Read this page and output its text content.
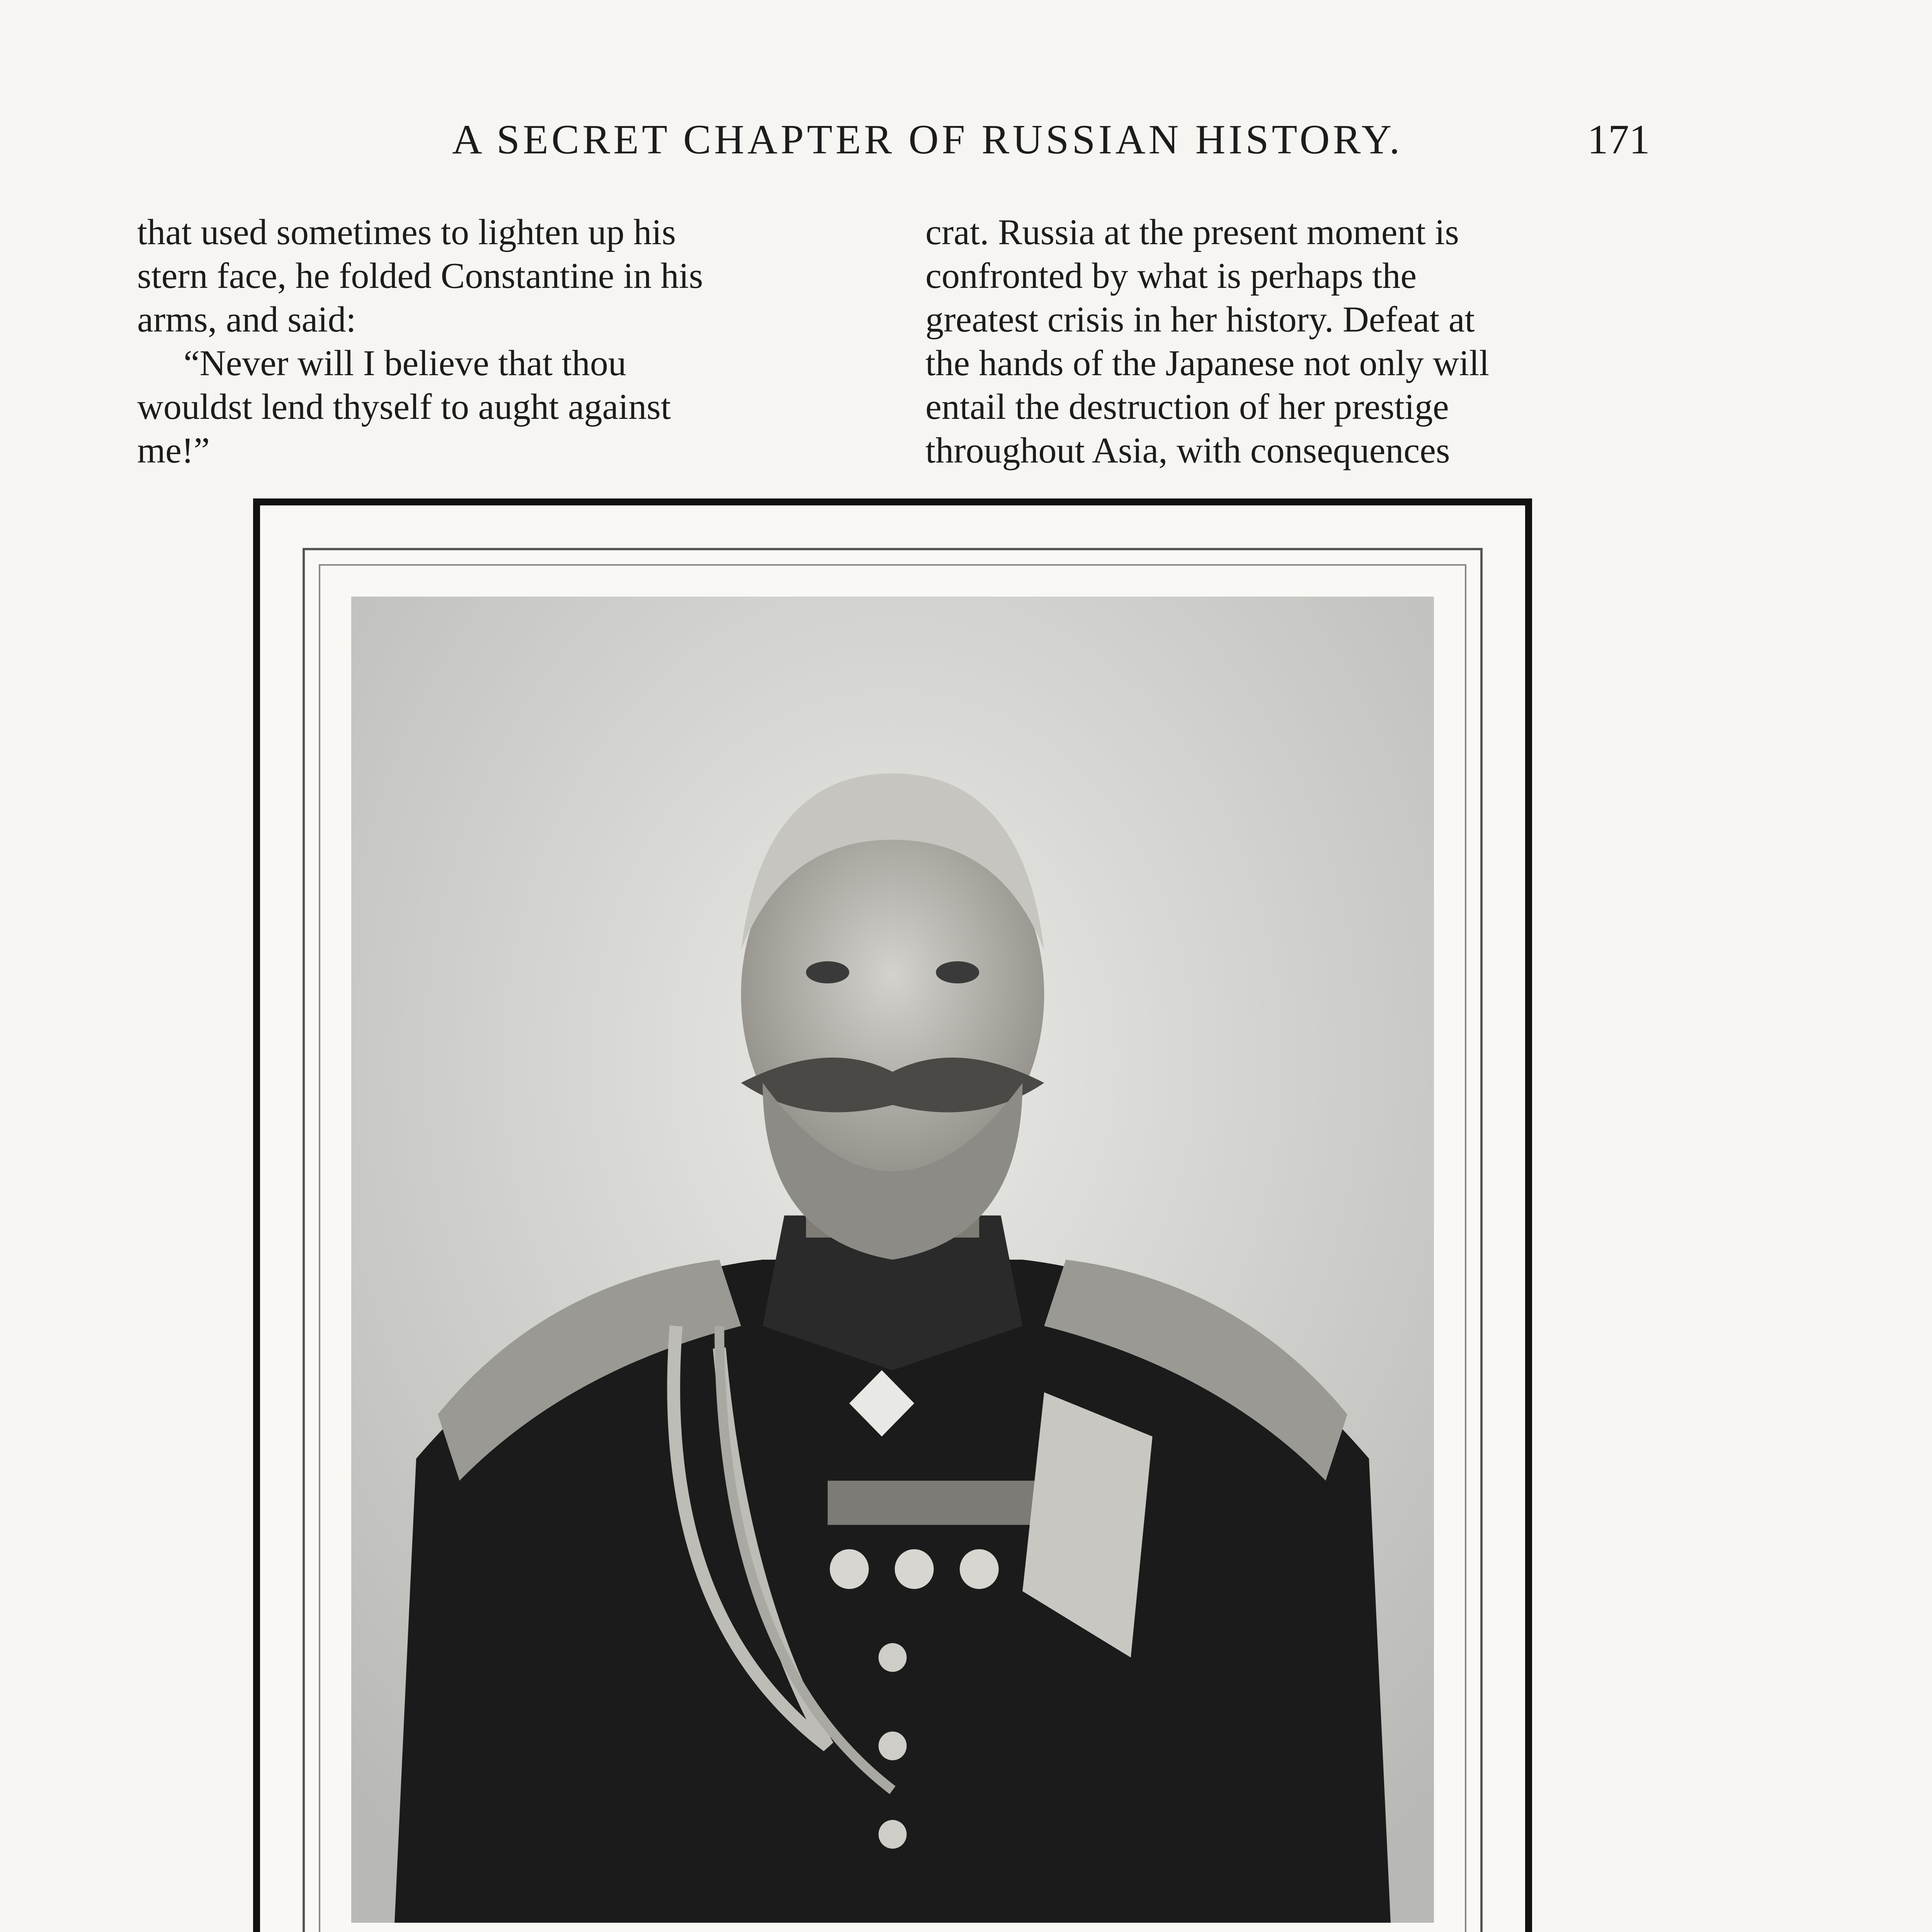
A SECRET CHAPTER OF RUSSIAN HISTORY.	171
that used sometimes to lighten up his
stern face, he folded Constantine in his
arms, and said:
“Never will I believe that thou
wouldst lend thyself to aught against
me!”
crat. Russia at the present moment is
confronted by what is perhaps the
greatest crisis in her history. Defeat at
the hands of the Japanese not only will
entail the destruction of her prestige
throughout Asia, with consequences
